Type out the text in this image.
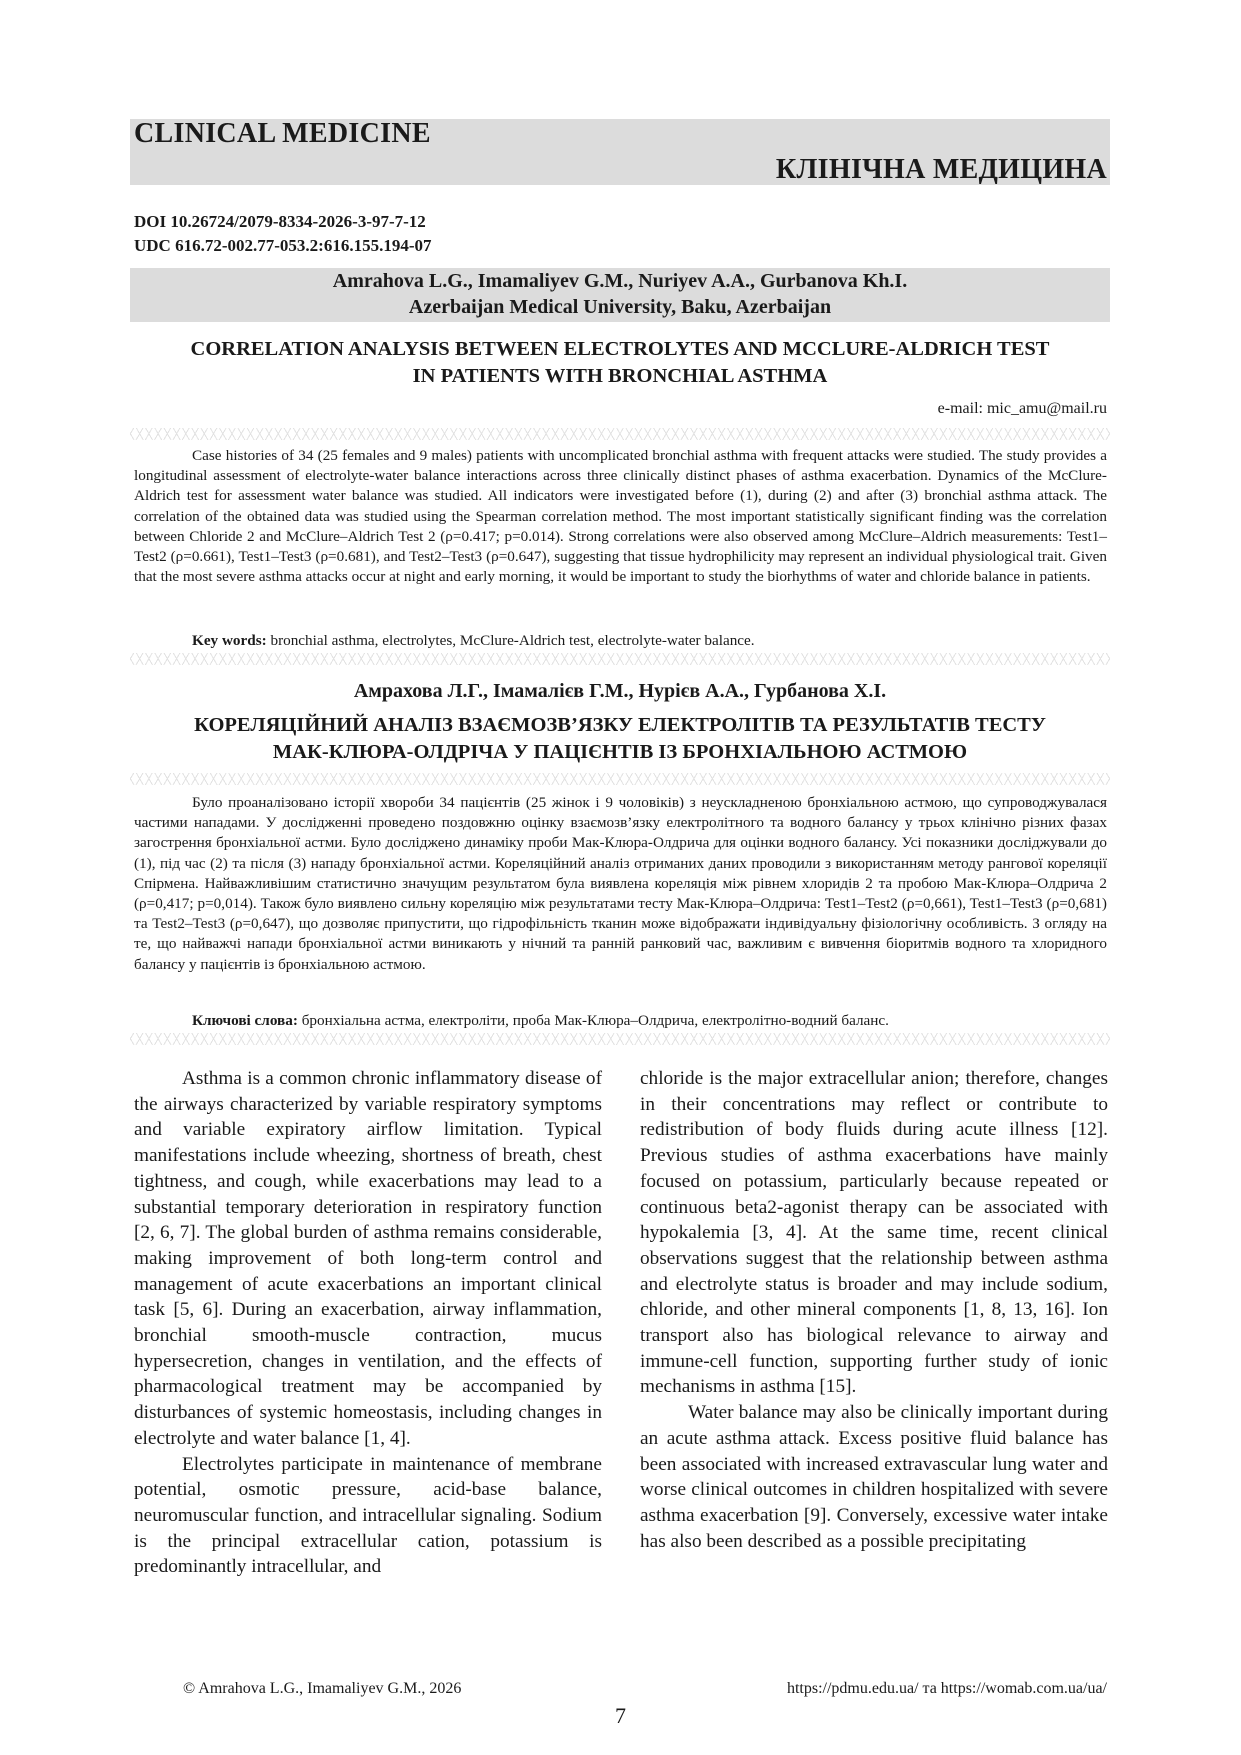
CLINICAL MEDICINE
КЛІНІЧНА МЕДИЦИНА
DOI 10.26724/2079-8334-2026-3-97-7-12
UDC 616.72-002.77-053.2:616.155.194-07
Amrahova L.G., Imamaliyev G.M., Nuriyev A.A., Gurbanova Kh.I.
Azerbaijan Medical University, Baku, Azerbaijan
CORRELATION ANALYSIS BETWEEN ELECTROLYTES AND MCCLURE-ALDRICH TEST
IN PATIENTS WITH BRONCHIAL ASTHMA
e-mail: mic_amu@mail.ru

Case histories of 34 (25 females and 9 males) patients with uncomplicated bronchial asthma with frequent attacks were studied. The study provides a longitudinal assessment of electrolyte-water balance interactions across three clinically distinct phases of asthma exacerbation. Dynamics of the McClure-Aldrich test for assessment water balance was studied. All indicators were investigated before (1), during (2) and after (3) bronchial asthma attack. The correlation of the obtained data was studied using the Spearman correlation method. The most important statistically significant finding was the correlation between Chloride 2 and McClure–Aldrich Test 2 (ρ=0.417; p=0.014). Strong correlations were also observed among McClure–Aldrich measurements: Test1–Test2 (ρ=0.661), Test1–Test3 (ρ=0.681), and Test2–Test3 (ρ=0.647), suggesting that tissue hydrophilicity may represent an individual physiological trait. Given that the most severe asthma attacks occur at night and early morning, it would be important to study the biorhythms of water and chloride balance in patients.

Key words: bronchial asthma, electrolytes, McClure-Aldrich test, electrolyte-water balance.
Амрахова Л.Г., Імамалієв Г.М., Нурієв А.А., Гурбанова Х.І.
КОРЕЛЯЦІЙНИЙ АНАЛІЗ ВЗАЄМОЗВ’ЯЗКУ ЕЛЕКТРОЛІТІВ ТА РЕЗУЛЬТАТІВ ТЕСТУ
МАК-КЛЮРА-ОЛДРІЧА У ПАЦІЄНТІВ ІЗ БРОНХІАЛЬНОЮ АСТМОЮ

Було проаналізовано історії хвороби 34 пацієнтів (25 жінок і 9 чоловіків) з неускладненою бронхіальною астмою, що супроводжувалася частими нападами. У дослідженні проведено поздовжню оцінку взаємозв’язку електролітного та водного балансу у трьох клінічно різних фазах загострення бронхіальної астми. Було досліджено динаміку проби Мак-Клюра-Олдрича для оцінки водного балансу. Усі показники досліджували до (1), під час (2) та після (3) нападу бронхіальної астми. Кореляційний аналіз отриманих даних проводили з використанням методу рангової кореляції Спірмена. Найважливішим статистично значущим результатом була виявлена кореляція між рівнем хлоридів 2 та пробою Мак-Клюра–Олдрича 2 (ρ=0,417; p=0,014). Також було виявлено сильну кореляцію між результатами тесту Мак-Клюра–Олдрича: Test1–Test2 (ρ=0,661), Test1–Test3 (ρ=0,681) та Test2–Test3 (ρ=0,647), що дозволяє припустити, що гідрофільність тканин може відображати індивідуальну фізіологічну особливість. З огляду на те, що найважчі напади бронхіальної астми виникають у нічний та ранній ранковий час, важливим є вивчення біоритмів водного та хлоридного балансу у пацієнтів із бронхіальною астмою.

Ключові слова: бронхіальна астма, електроліти, проба Мак-Клюра–Олдрича, електролітно-водний баланс.

Asthma is a common chronic inflammatory disease of the airways characterized by variable respiratory symptoms and variable expiratory airflow limitation. Typical manifestations include wheezing, shortness of breath, chest tightness, and cough, while exacerbations may lead to a substantial temporary deterioration in respiratory function [2, 6, 7]. The global burden of asthma remains considerable, making improvement of both long-term control and management of acute exacerbations an important clinical task [5, 6]. During an exacerbation, airway inflammation, bronchial smooth-muscle contraction, mucus hypersecretion, changes in ventilation, and the effects of pharmacological treatment may be accompanied by disturbances of systemic homeostasis, including changes in electrolyte and water balance [1, 4].

Electrolytes participate in maintenance of membrane potential, osmotic pressure, acid-base balance, neuromuscular function, and intracellular signaling. Sodium is the principal extracellular cation, potassium is predominantly intracellular, and

chloride is the major extracellular anion; therefore, changes in their concentrations may reflect or contribute to redistribution of body fluids during acute illness [12]. Previous studies of asthma exacerbations have mainly focused on potassium, particularly because repeated or continuous beta2-agonist therapy can be associated with hypokalemia [3, 4]. At the same time, recent clinical observations suggest that the relationship between asthma and electrolyte status is broader and may include sodium, chloride, and other mineral components [1, 8, 13, 16]. Ion transport also has biological relevance to airway and immune-cell function, supporting further study of ionic mechanisms in asthma [15].

Water balance may also be clinically important during an acute asthma attack. Excess positive fluid balance has been associated with increased extravascular lung water and worse clinical outcomes in children hospitalized with severe asthma exacerbation [9]. Conversely, excessive water intake has also been described as a possible precipitating

© Amrahova L.G., Imamaliyev G.M., 2026	https://pdmu.edu.ua/ та https://womab.com.ua/ua/
7
